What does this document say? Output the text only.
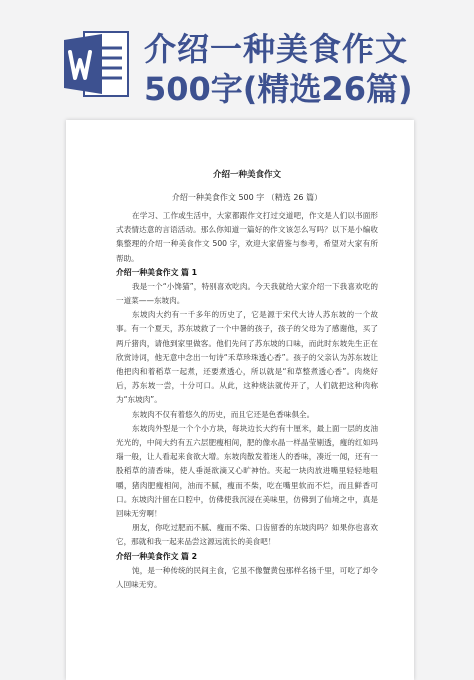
介绍一种美食作文
500字(精选26篇)
介绍一种美食作文
介绍一种美食作文 500 字 （精选 26 篇）

在学习、工作或生活中，大家都跟作文打过交道吧，作文是人们以书面形式表情达意的言语活动。那么你知道一篇好的作文该怎么写吗？以下是小编收集整理的介绍一种美食作文 500 字，欢迎大家借鉴与参考，希望对大家有所帮助。

介绍一种美食作文 篇 1

我是一个“小馋猫”，特别喜欢吃肉。今天我就给大家介绍一下我喜欢吃的一道菜——东坡肉。

东坡肉大约有一千多年的历史了，它是源于宋代大诗人苏东坡的一个故事。有一个夏天，苏东坡救了一个中暑的孩子，孩子的父母为了感谢他，买了两斤猪肉，请他到家里做客。他们先问了苏东坡的口味，而此时东坡先生正在欣赏诗词，他无意中念出一句诗“禾草珍珠透心香”。孩子的父亲认为苏东坡让他把肉和着稻草一起煮，还要煮透心，所以就是“和草整煮透心香”。肉烧好后，苏东坡一尝，十分可口。从此，这种烧法就传开了，人们就把这种肉称为“东坡肉”。

东坡肉不仅有着悠久的历史，而且它还是色香味俱全。

东坡肉外型是一个个小方块，每块边长大约有十厘米，最上面一层的皮油光光的，中间大约有五六层肥瘦相间，肥的像水晶一样晶莹剔透，瘦的红如玛瑙一般，让人看起来食欲大增。东坡肉散发着迷人的香味，凑近一闻，还有一股稻草的清香味，使人垂涎欲滴又心旷神怡。夹起一块肉放进嘴里轻轻地咀嚼，猪肉肥瘦相间，油而不腻，瘦而不柴，吃在嘴里软而不烂，而且鲜香可口。东坡肉汁留在口腔中，仿佛使我沉浸在美味里，仿佛到了仙境之中，真是回味无穷啊！

朋友，你吃过肥而不腻、瘦而不柴、口齿留香的东坡肉吗？如果你也喜欢它，那就和我一起来品尝这源远流长的美食吧！

介绍一种美食作文 篇 2

饨，是一种传统的民间主食，它虽不像蟹黄包那样名扬千里，可吃了却令人回味无穷。
